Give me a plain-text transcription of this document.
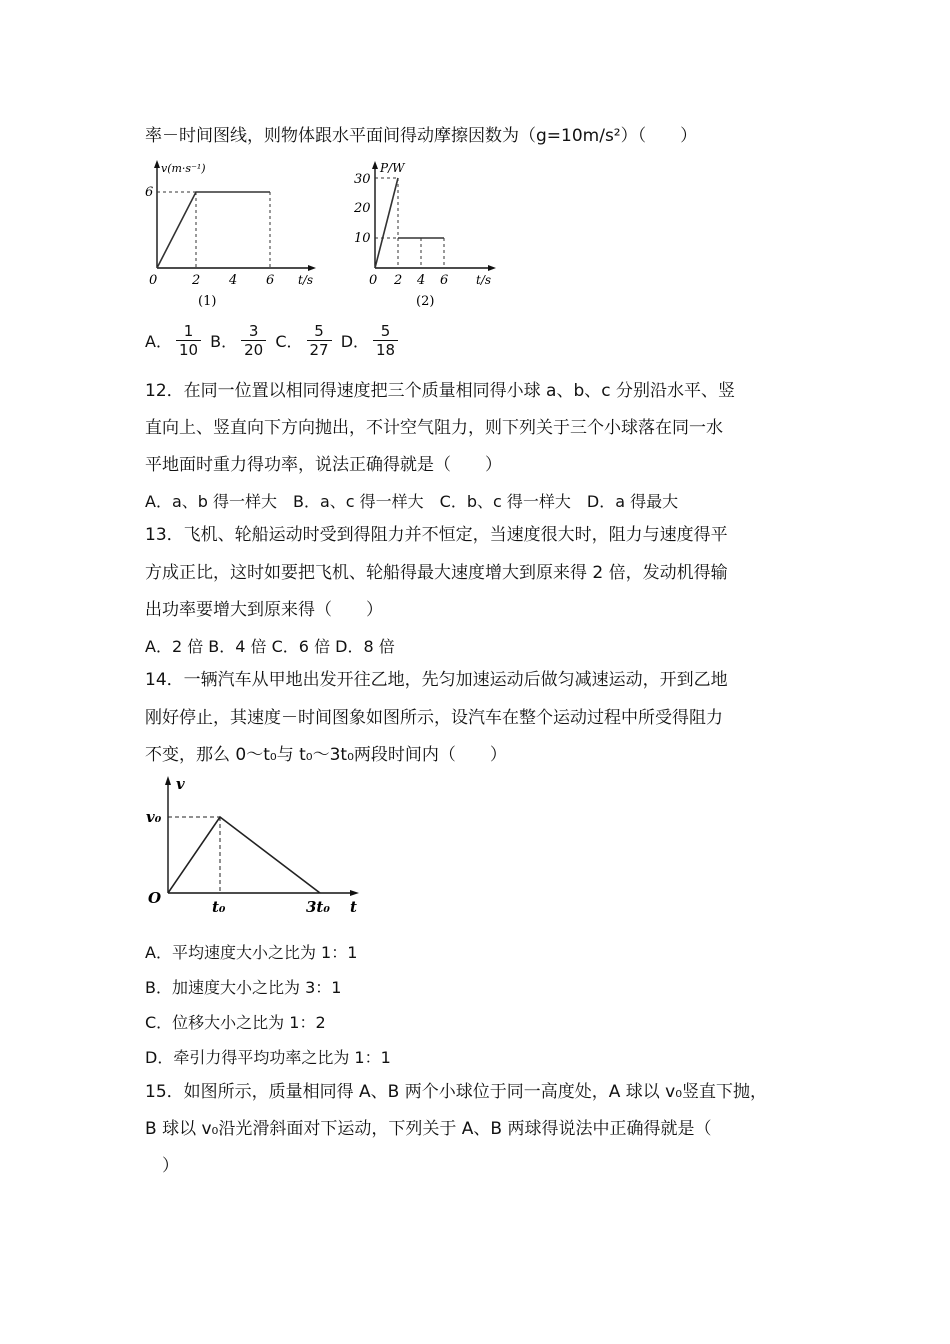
率－时间图线，则物体跟水平面间得动摩擦因数为（g=10m/s²）（　　）
v(m·s⁻¹)
6
0	2 4 6 t/s
(1)
P/W
30
20
10
0 2 4 6 t/s
(2)
A． $\frac{1}{10}$ B． $\frac{3}{20}$ C． $\frac{5}{27}$ D． $\frac{5}{18}$
12．在同一位置以相同得速度把三个质量相同得小球 a、b、c 分别沿水平、竖
直向上、竖直向下方向抛出，不计空气阻力，则下列关于三个小球落在同一水
平地面时重力得功率，说法正确得就是（　　）
A．a、b 得一样大　B．a、c 得一样大　C．b、c 得一样大　D．a 得最大
13．飞机、轮船运动时受到得阻力并不恒定，当速度很大时，阻力与速度得平
方成正比，这时如要把飞机、轮船得最大速度增大到原来得 2 倍，发动机得输
出功率要增大到原来得（　　）
A．2 倍 B．4 倍 C．6 倍 D．8 倍
14．一辆汽车从甲地出发开往乙地，先匀加速运动后做匀减速运动，开到乙地
刚好停止，其速度－时间图象如图所示，设汽车在整个运动过程中所受得阻力
不变，那么 0～t₀与 t₀～3t₀两段时间内（　　）
v
v₀
O	t₀	3t₀ t
A．平均速度大小之比为 1：1
B．加速度大小之比为 3：1
C．位移大小之比为 1：2
D．牵引力得平均功率之比为 1：1
15．如图所示，质量相同得 A、B 两个小球位于同一高度处，A 球以 v₀竖直下抛，
B 球以 v₀沿光滑斜面对下运动，下列关于 A、B 两球得说法中正确得就是（
　）
